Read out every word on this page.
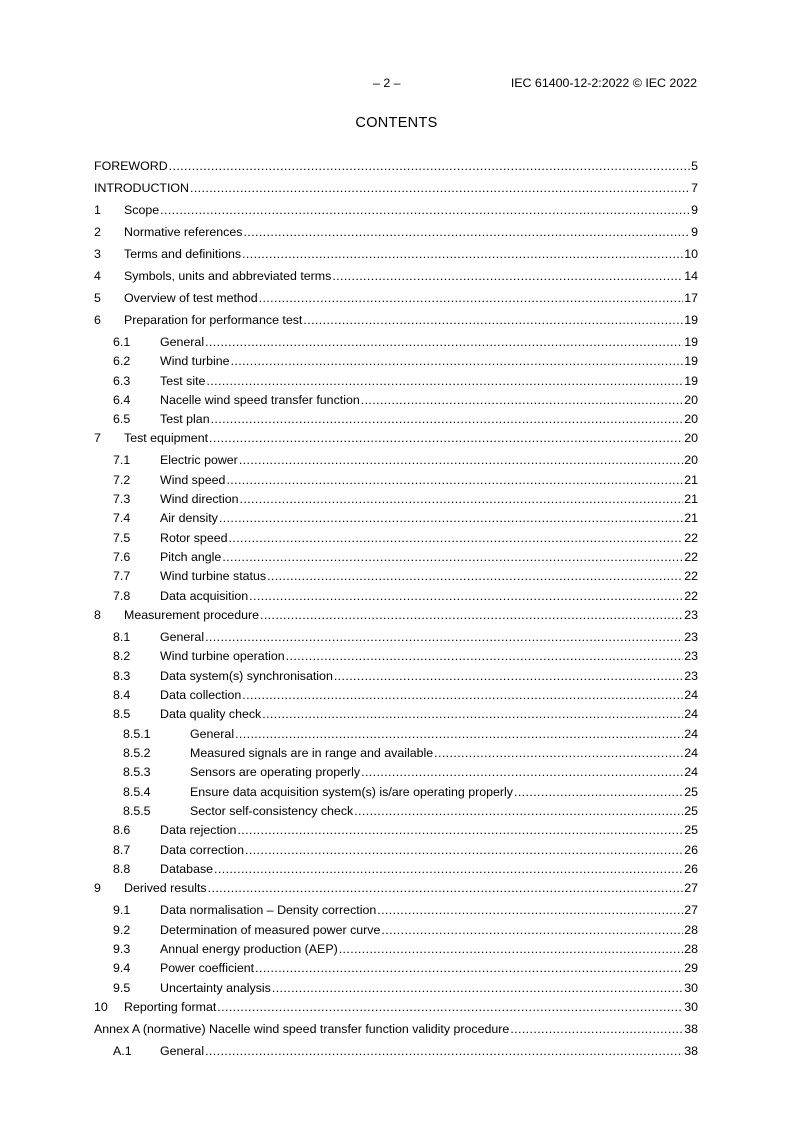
– 2 –	IEC 61400-12-2:2022 © IEC 2022
CONTENTS
FOREWORD .....	5
INTRODUCTION .....	7
1	Scope .....	9
2	Normative references .....	9
3	Terms and definitions .....	10
4	Symbols, units and abbreviated terms .....	14
5	Overview of test method .....	17
6	Preparation for performance test .....	19
6.1	General .....	19
6.2	Wind turbine .....	19
6.3	Test site .....	19
6.4	Nacelle wind speed transfer function .....	20
6.5	Test plan .....	20
7	Test equipment .....	20
7.1	Electric power .....	20
7.2	Wind speed .....	21
7.3	Wind direction .....	21
7.4	Air density .....	21
7.5	Rotor speed .....	22
7.6	Pitch angle .....	22
7.7	Wind turbine status .....	22
7.8	Data acquisition .....	22
8	Measurement procedure .....	23
8.1	General .....	23
8.2	Wind turbine operation .....	23
8.3	Data system(s) synchronisation .....	23
8.4	Data collection .....	24
8.5	Data quality check .....	24
8.5.1	General .....	24
8.5.2	Measured signals are in range and available .....	24
8.5.3	Sensors are operating properly .....	24
8.5.4	Ensure data acquisition system(s) is/are operating properly .....	25
8.5.5	Sector self-consistency check .....	25
8.6	Data rejection .....	25
8.7	Data correction .....	26
8.8	Database .....	26
9	Derived results .....	27
9.1	Data normalisation – Density correction .....	27
9.2	Determination of measured power curve .....	28
9.3	Annual energy production (AEP) .....	28
9.4	Power coefficient .....	29
9.5	Uncertainty analysis .....	30
10	Reporting format .....	30
Annex A (normative) Nacelle wind speed transfer function validity procedure .....	38
A.1	General .....	38
